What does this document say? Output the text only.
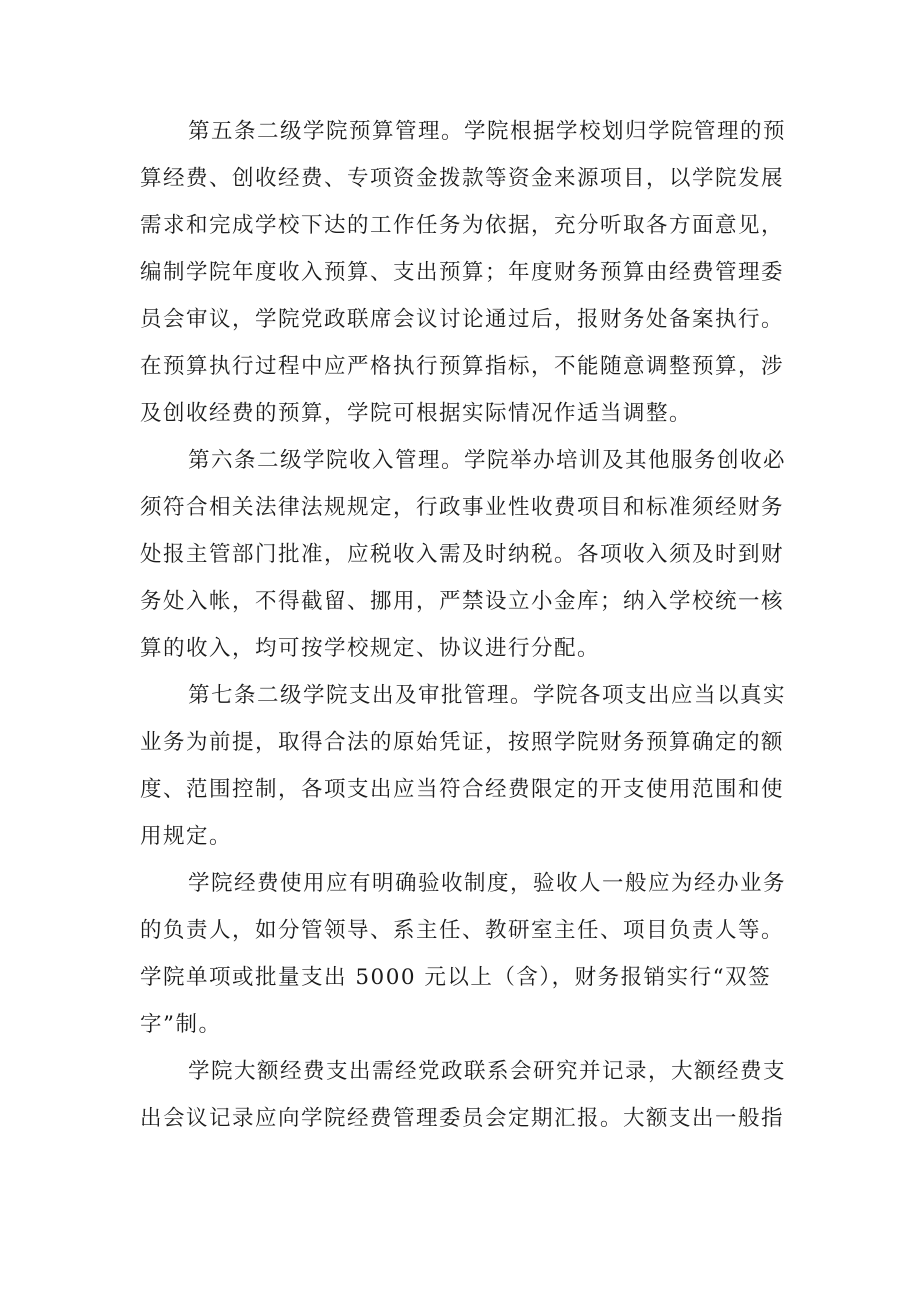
第五条二级学院预算管理。学院根据学校划归学院管理的预
算经费、创收经费、专项资金拨款等资金来源项目，以学院发展
需求和完成学校下达的工作任务为依据，充分听取各方面意见，
编制学院年度收入预算、支出预算；年度财务预算由经费管理委
员会审议，学院党政联席会议讨论通过后，报财务处备案执行。
在预算执行过程中应严格执行预算指标，不能随意调整预算，涉
及创收经费的预算，学院可根据实际情况作适当调整。

第六条二级学院收入管理。学院举办培训及其他服务创收必
须符合相关法律法规规定，行政事业性收费项目和标准须经财务
处报主管部门批准，应税收入需及时纳税。各项收入须及时到财
务处入帐，不得截留、挪用，严禁设立小金库；纳入学校统一核
算的收入，均可按学校规定、协议进行分配。

第七条二级学院支出及审批管理。学院各项支出应当以真实
业务为前提，取得合法的原始凭证，按照学院财务预算确定的额
度、范围控制，各项支出应当符合经费限定的开支使用范围和使
用规定。

学院经费使用应有明确验收制度，验收人一般应为经办业务
的负责人，如分管领导、系主任、教研室主任、项目负责人等。
学院单项或批量支出 5000 元以上（含），财务报销实行“双签
字”制。

学院大额经费支出需经党政联系会研究并记录，大额经费支
出会议记录应向学院经费管理委员会定期汇报。大额支出一般指
